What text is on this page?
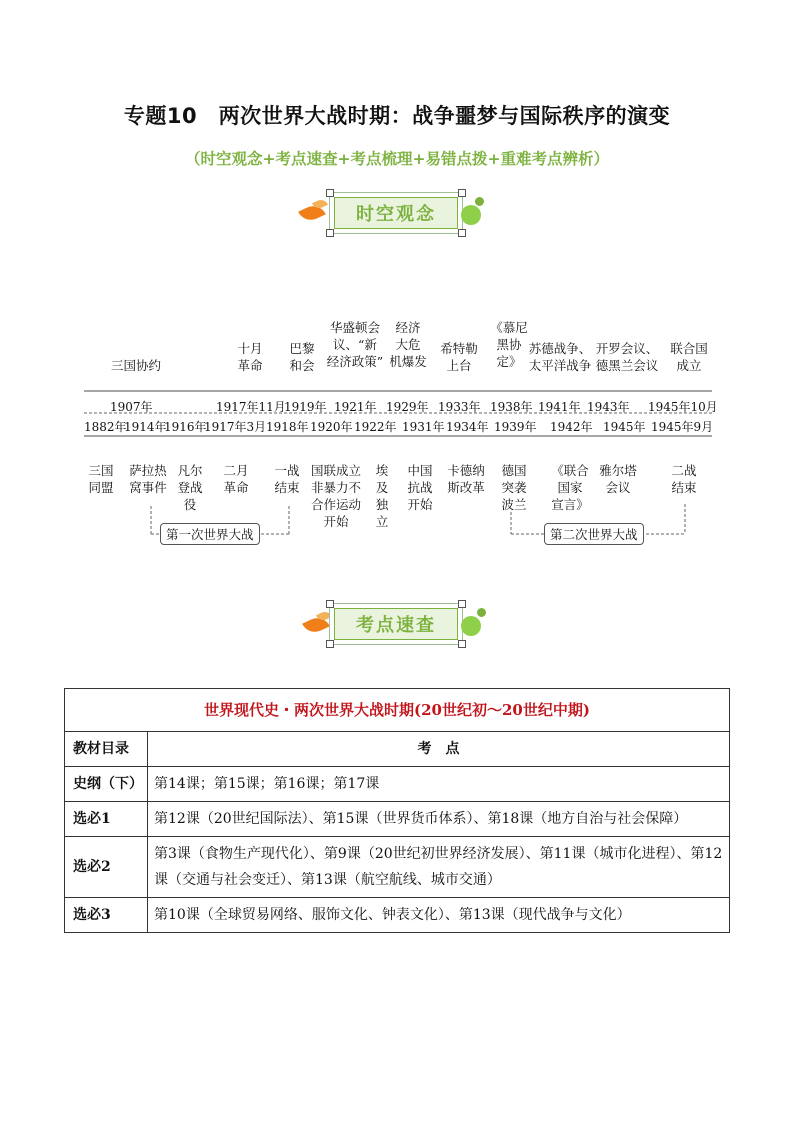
专题10　两次世界大战时期：战争噩梦与国际秩序的演变
（时空观念+考点速查+考点梳理+易错点拨+重难考点辨析）
时空观念
三国协约
十月
革命
巴黎
和会
华盛顿会
议、“新
经济政策”
经济
大危
机爆发
希特勒
上台
《慕尼
黑协
定》
苏德战争、
太平洋战争
开罗会议、
德黑兰会议
联合国
成立
1907年	1917年11月
1919年 1921年 1929年 1933年 1938年 1941年 1943年 1945年10月
1882年
1914年
1916年
1917年3月 1918年 1920年 1922年 1931年 1934年 1939年 1942年 1945年 1945年9月
三国
同盟
萨拉热
窝事件
凡尔
登战
役
二月
革命
一战
结束
国联成立
非暴力不
合作运动
开始
埃
及
独
立
中国
抗战
开始
卡德纳
斯改革
德国
突袭
波兰
《联合
国家
宣言》
雅尔塔
会议
二战
结束
第一次世界大战	第二次世界大战
考点速查
世界现代史・两次世界大战时期(20世纪初～20世纪中期)	
教材目录	考　点
史纲（下）	第14课；第15课；第16课；第17课
选必1	第12课（20世纪国际法）、第15课（世界货币体系）、第18课（地方自治与社会保障）
选必2	第3课（食物生产现代化）、第9课（20世纪初世界经济发展）、第11课（城市化进程）、第12课（交通与社会变迁）、第13课（航空航线、城市交通）
选必3	第10课（全球贸易网络、服饰文化、钟表文化）、第13课（现代战争与文化）
